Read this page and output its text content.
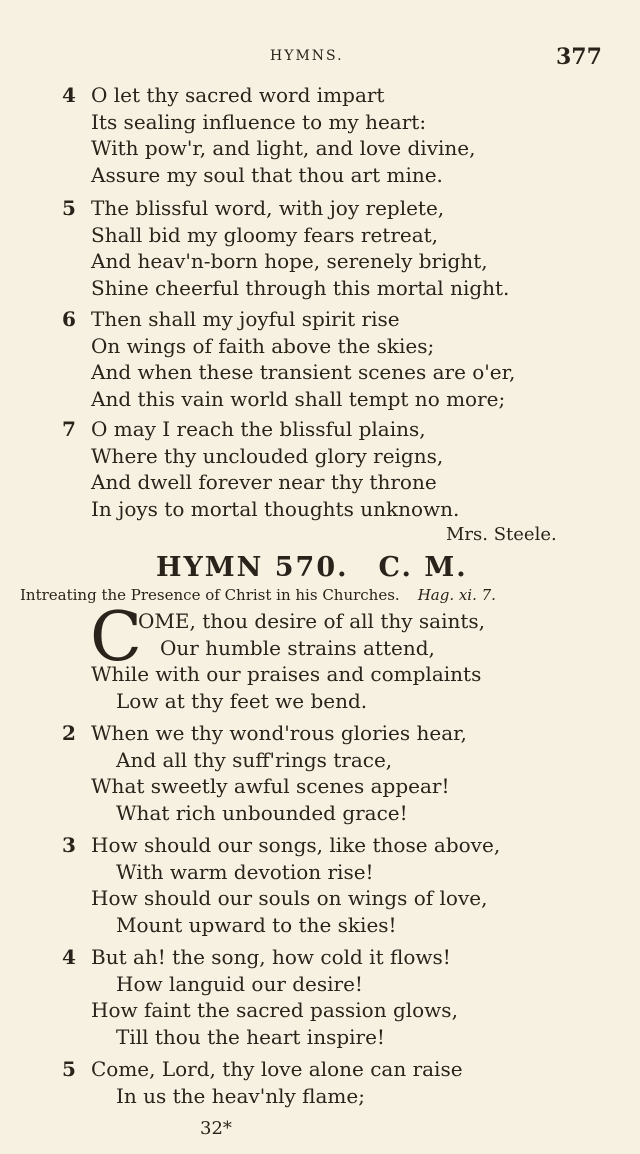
HYMNS.	377
4 O let thy sacred word impart
Its sealing influence to my heart:
With pow'r, and light, and love divine,
Assure my soul that thou art mine.
5 The blissful word, with joy replete,
Shall bid my gloomy fears retreat,
And heav'n-born hope, serenely bright,
Shine cheerful through this mortal night.
6 Then shall my joyful spirit rise
On wings of faith above the skies;
And when these transient scenes are o'er,
And this vain world shall tempt no more;
7 O may I reach the blissful plains,
Where thy unclouded glory reigns,
And dwell forever near thy throne
In joys to mortal thoughts unknown.
Mrs. Steele.
HYMN 570. C. M.
Intreating the Presence of Christ in his Churches. Hag. xi. 7.
C
OME, thou desire of all thy saints,
Our humble strains attend,
While with our praises and complaints
Low at thy feet we bend.
2 When we thy wond'rous glories hear,
And all thy suff'rings trace,
What sweetly awful scenes appear!
What rich unbounded grace!
3 How should our songs, like those above,
With warm devotion rise!
How should our souls on wings of love,
Mount upward to the skies!
4 But ah! the song, how cold it flows!
How languid our desire!
How faint the sacred passion glows,
Till thou the heart inspire!
5 Come, Lord, thy love alone can raise
In us the heav'nly flame;
32*
